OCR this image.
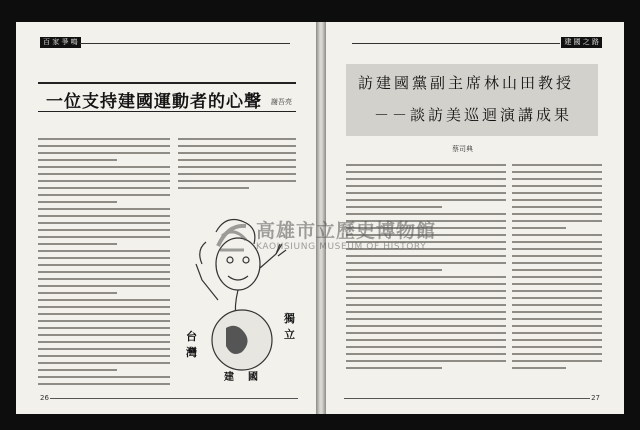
百 家 爭 鳴
一位支持建國運動者的心聲 謝吾亮
台
灣
獨
立
建 國
26
建 國 之 路
訪建國黨副主席林山田教授
－－談訪美巡迴演講成果
蔡司典
27
高雄市立歷史博物館
KAOHSIUNG MUSEUM OF HISTORY
